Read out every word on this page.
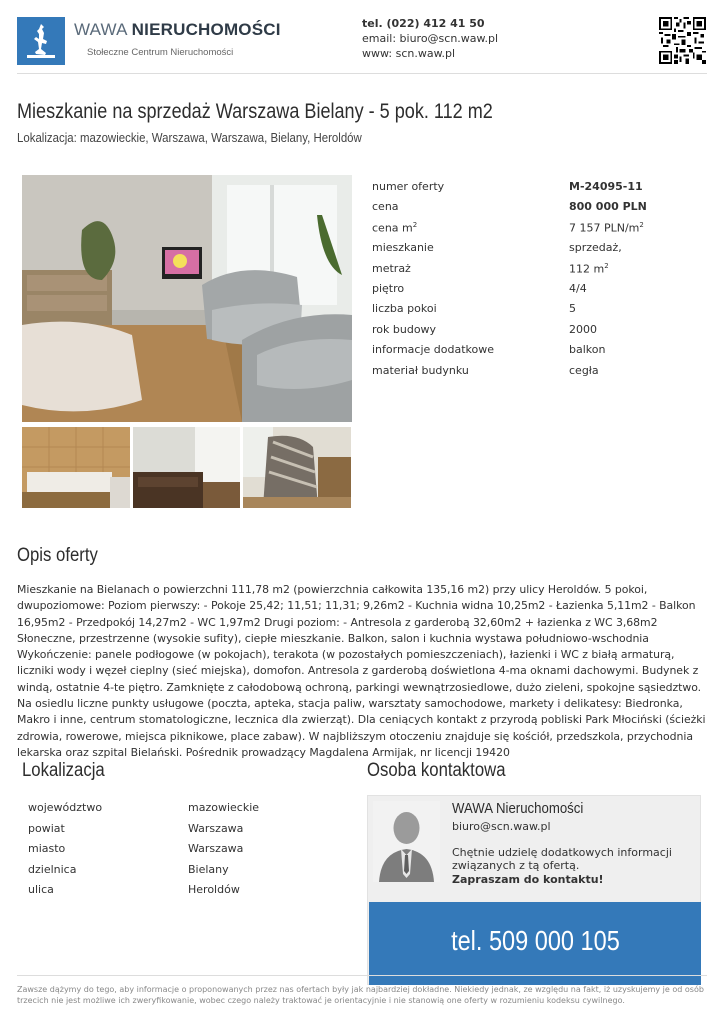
WAWA NIERUCHOMOŚCI
Stołeczne Centrum Nieruchomości
tel. (022) 412 41 50
email: biuro@scn.waw.pl
www: scn.waw.pl
Mieszkanie na sprzedaż Warszawa Bielany - 5 pok. 112 m2
Lokalizacja: mazowieckie, Warszawa, Warszawa, Bielany, Heroldów
numer oferty	M-24095-11
cena	800 000 PLN
cena $m^2$	7 157 PLN/$m^2$
mieszkanie	sprzedaż,
metraż	112 $m^2$
piętro	4/4
liczba pokoi	5
rok budowy	2000
informacje dodatkowe	balkon
materiał budynku	cegła
Opis oferty
Mieszkanie na Bielanach o powierzchni 111,78 m2 (powierzchnia całkowita 135,16 m2) przy ulicy Heroldów. 5 pokoi, dwupoziomowe: Poziom pierwszy: - Pokoje 25,42; 11,51; 11,31; 9,26m2 - Kuchnia widna 10,25m2 - Łazienka 5,11m2 - Balkon 16,95m2 - Przedpokój 14,27m2 - WC 1,97m2 Drugi poziom: - Antresola z garderobą 32,60m2 + łazienka z WC 3,68m2 Słoneczne, przestrzenne (wysokie sufity), ciepłe mieszkanie. Balkon, salon i kuchnia wystawa południowo-wschodnia Wykończenie: panele podłogowe (w pokojach), terakota (w pozostałych pomieszczeniach), łazienki i WC z białą armaturą, liczniki wody i węzeł cieplny (sieć miejska), domofon. Antresola z garderobą doświetlona 4-ma oknami dachowymi. Budynek z windą, ostatnie 4-te piętro. Zamknięte z całodobową ochroną, parkingi wewnątrzosiedlowe, dużo zieleni, spokojne sąsiedztwo. Na osiedlu liczne punkty usługowe (poczta, apteka, stacja paliw, warsztaty samochodowe, markety i delikatesy: Biedronka, Makro i inne, centrum stomatologiczne, lecznica dla zwierząt). Dla ceniących kontakt z przyrodą pobliski Park Młociński (ścieżki zdrowia, rowerowe, miejsca piknikowe, place zabaw). W najbliższym otoczeniu znajduje się kościół, przedszkola, przychodnia lekarska oraz szpital Bielański. Pośrednik prowadzący Magdalena Armijak, nr licencji 19420
Lokalizacja
województwo	mazowieckie
powiat	Warszawa
miasto	Warszawa
dzielnica	Bielany
ulica	Heroldów
Osoba kontaktowa
WAWA Nieruchomości
biuro@scn.waw.pl
Chętnie udzielę dodatkowych informacji związanych z tą ofertą.
Zapraszam do kontaktu!
tel. 509 000 105
Zawsze dążymy do tego, aby informacje o proponowanych przez nas ofertach były jak najbardziej dokładne. Niekiedy jednak, ze względu na fakt, iż uzyskujemy je od osób trzecich nie jest możliwe ich zweryfikowanie, wobec czego należy traktować je orientacyjnie i nie stanowią one oferty w rozumieniu kodeksu cywilnego.
